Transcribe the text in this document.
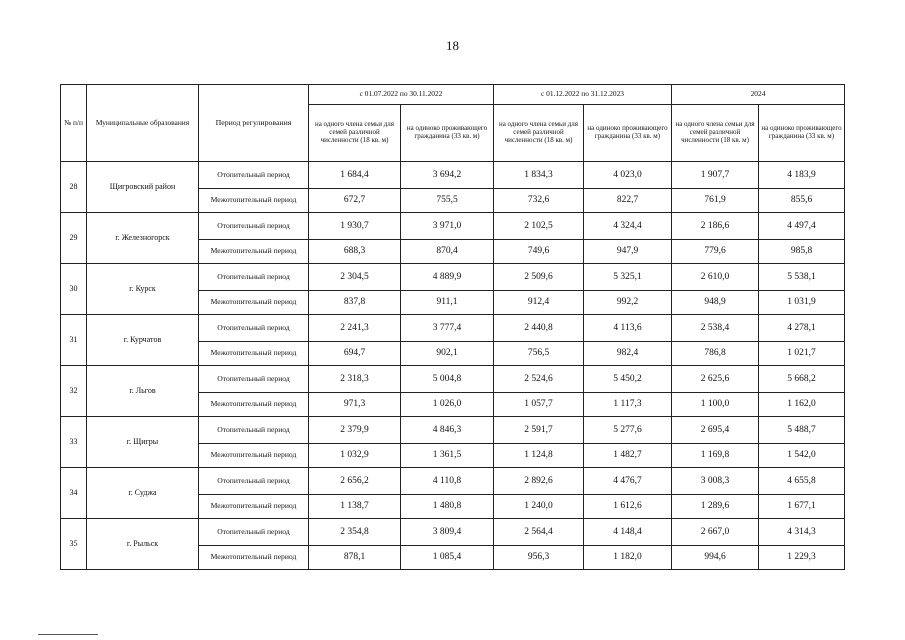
18
№ п/п	Муниципальные образования	Период регулирования	с 01.07.2022 по 30.11.2022		с 01.12.2022 по 31.12.2023		2024	
			на одного члена семьи для семей различной численности (18 кв. м)	на одиноко проживающего гражданина (33 кв. м)	на одного члена семьи для семей различной численности (18 кв. м)	на одиноко проживающего гражданина (33 кв. м)	на одного члена семьи для семей различной численности (18 кв. м)	на одиноко проживающего гражданина (33 кв. м)
28	Щигровский район	Отопительный период	1 684,4	3 694,2	1 834,3	4 023,0	1 907,7	4 183,9
		Межотопительный период	672,7	755,5	732,6	822,7	761,9	855,6
29	г. Железногорск	Отопительный период	1 930,7	3 971,0	2 102,5	4 324,4	2 186,6	4 497,4
		Межотопительный период	688,3	870,4	749,6	947,9	779,6	985,8
30	г. Курск	Отопительный период	2 304,5	4 889,9	2 509,6	5 325,1	2 610,0	5 538,1
		Межотопительный период	837,8	911,1	912,4	992,2	948,9	1 031,9
31	г. Курчатов	Отопительный период	2 241,3	3 777,4	2 440,8	4 113,6	2 538,4	4 278,1
		Межотопительный период	694,7	902,1	756,5	982,4	786,8	1 021,7
32	г. Льгов	Отопительный период	2 318,3	5 004,8	2 524,6	5 450,2	2 625,6	5 668,2
		Межотопительный период	971,3	1 026,0	1 057,7	1 117,3	1 100,0	1 162,0
33	г. Щигры	Отопительный период	2 379,9	4 846,3	2 591,7	5 277,6	2 695,4	5 488,7
		Межотопительный период	1 032,9	1 361,5	1 124,8	1 482,7	1 169,8	1 542,0
34	г. Суджа	Отопительный период	2 656,2	4 110,8	2 892,6	4 476,7	3 008,3	4 655,8
		Межотопительный период	1 138,7	1 480,8	1 240,0	1 612,6	1 289,6	1 677,1
35	г. Рыльск	Отопительный период	2 354,8	3 809,4	2 564,4	4 148,4	2 667,0	4 314,3
		Межотопительный период	878,1	1 085,4	956,3	1 182,0	994,6	1 229,3
